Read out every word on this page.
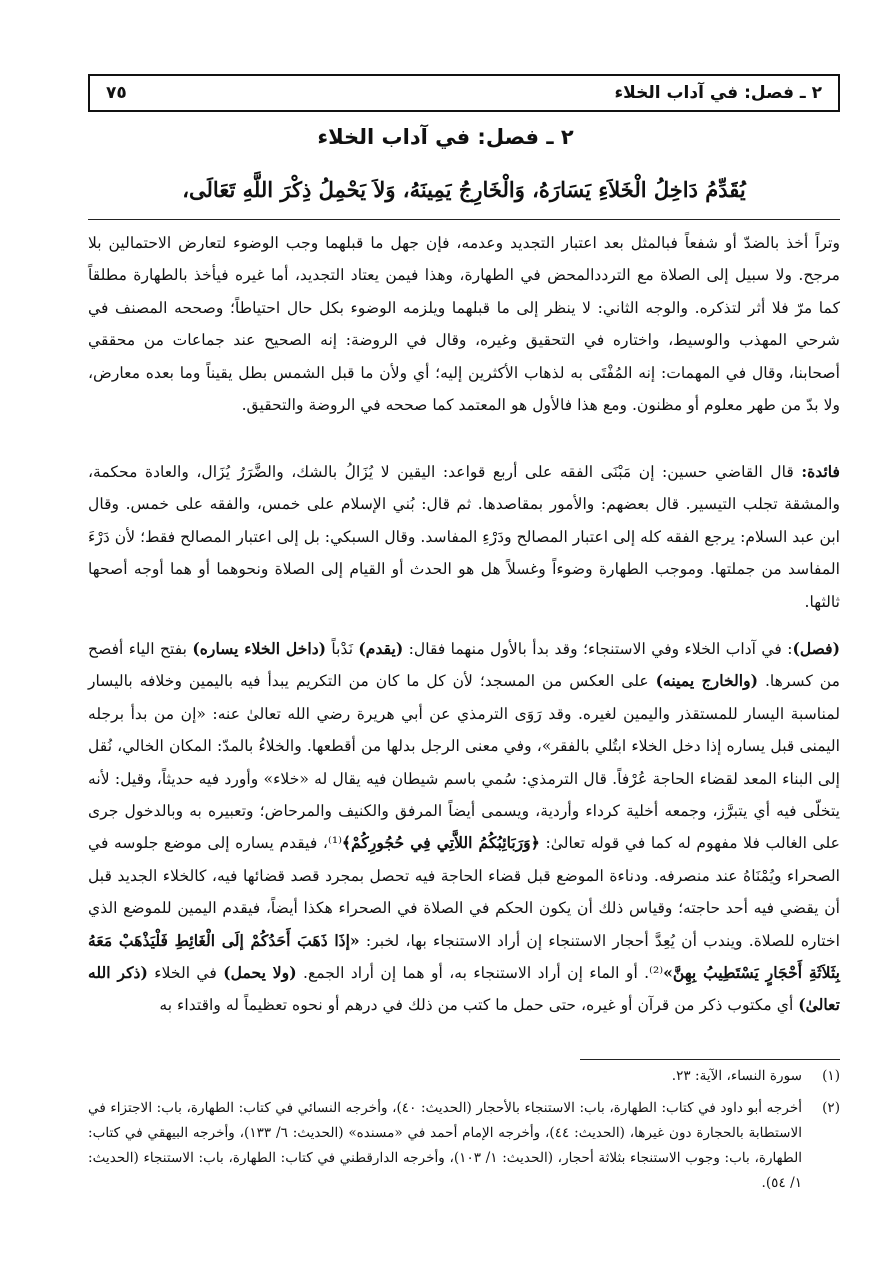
٢ ـ فصل: في آداب الخلاء
٧٥
٢ ـ فصل: في آداب الخلاء
يُقَدِّمُ دَاخِلُ الْخَلاَءِ يَسَارَهُ، وَالْخَارِجُ يَمِينَهُ، وَلاَ يَحْمِلُ ذِكْرَ اللَّهِ تَعَالَى،
وتراً أخذ بالضدّ أو شفعاً فبالمثل بعد اعتبار التجديد وعدمه، فإن جهل ما قبلهما وجب الوضوء لتعارض الاحتمالين بلا مرجح. ولا سبيل إلى الصلاة مع الترددالمحض في الطهارة، وهذا فيمن يعتاد التجديد، أما غيره فيأخذ بالطهارة مطلقاً كما مرّ فلا أثر لتذكره. والوجه الثاني: لا ينظر إلى ما قبلهما ويلزمه الوضوء بكل حال احتياطاً؛ وصححه المصنف في شرحي المهذب والوسيط، واختاره في التحقيق وغيره، وقال في الروضة: إنه الصحيح عند جماعات من محققي أصحابنا، وقال في المهمات: إنه المُفْتَى به لذهاب الأكثرين إليه؛ أي ولأن ما قبل الشمس بطل يقيناً وما بعده معارض، ولا بدّ من طهر معلوم أو مظنون. ومع هذا فالأول هو المعتمد كما صححه في الروضة والتحقيق.
فائدة: قال القاضي حسين: إن مَبْنَى الفقه على أربع قواعد: اليقين لا يُزَالُ بالشك، والضَّرَرُ يُزَال، والعادة محكمة، والمشقة تجلب التيسير. قال بعضهم: والأمور بمقاصدها. ثم قال: بُني الإسلام على خمس، والفقه على خمس. وقال ابن عبد السلام: يرجع الفقه كله إلى اعتبار المصالح ودَرْءِ المفاسد. وقال السبكي: بل إلى اعتبار المصالح فقط؛ لأن دَرْءَ المفاسد من جملتها. وموجب الطهارة وضوءاً وغسلاً هل هو الحدث أو القيام إلى الصلاة ونحوهما أو هما أوجه أصحها ثالثها.
(فصل): في آداب الخلاء وفي الاستنجاء؛ وقد بدأ بالأول منهما فقال: (يقدم) نَدْباً (داخل الخلاء يساره) بفتح الياء أفصح من كسرها. (والخارج يمينه) على العكس من المسجد؛ لأن كل ما كان من التكريم يبدأ فيه باليمين وخلافه باليسار لمناسبة اليسار للمستقذر واليمين لغيره. وقد رَوَى الترمذي عن أبي هريرة رضي الله تعالىٰ عنه: «إن من بدأ برجله اليمنى قبل يساره إذا دخل الخلاء ابتُلي بالفقر»، وفي معنى الرجل بدلها من أقطعها. والخلاءُ بالمدّ: المكان الخالي، نُقل إلى البناء المعد لقضاء الحاجة عُرْفاً. قال الترمذي: سُمي باسم شيطان فيه يقال له «خلاء» وأورد فيه حديثاً، وقيل: لأنه يتخلّى فيه أي يتبرَّز، وجمعه أخلية كرداء وأردية، ويسمى أيضاً المرفق والكنيف والمرحاض؛ وتعبيره به وبالدخول جرى على الغالب فلا مفهوم له كما في قوله تعالىٰ: ﴿وَرَبَائِبُكُمُ اللاَّتِي فِي حُجُورِكُمْ﴾⁽¹⁾، فيقدم يساره إلى موضع جلوسه في الصحراء ويُمْنَاهُ عند منصرفه. ودناءة الموضع قبل قضاء الحاجة فيه تحصل بمجرد قصد قضائها فيه، كالخلاء الجديد قبل أن يقضي فيه أحد حاجته؛ وقياس ذلك أن يكون الحكم في الصلاة في الصحراء هكذا أيضاً، فيقدم اليمين للموضع الذي اختاره للصلاة. ويندب أن يُعِدَّ أحجار الاستنجاء إن أراد الاستنجاء بها، لخبر: «إذَا ذَهَبَ أَحَدُكُمْ إلَى الْغَائِطِ فَلْيَذْهَبْ مَعَهُ بِثَلاَثَةِ أَحْجَارٍ يَسْتَطِيبُ بِهِنَّ»⁽²⁾. أو الماء إن أراد الاستنجاء به، أو هما إن أراد الجمع. (ولا يحمل) في الخلاء (ذكر الله تعالىٰ) أي مكتوب ذكر من قرآن أو غيره، حتى حمل ما كتب من ذلك في درهم أو نحوه تعظيماً له واقتداء به
(١)
سورة النساء، الآية: ٢٣.
(٢)
أخرجه أبو داود في كتاب: الطهارة، باب: الاستنجاء بالأحجار (الحديث: ٤٠)، وأخرجه النسائي في كتاب: الطهارة، باب: الاجتزاء في الاستطابة بالحجارة دون غيرها، (الحديث: ٤٤)، وأخرجه الإمام أحمد في «مسنده» (الحديث: ٦/ ١٣٣)، وأخرجه البيهقي في كتاب: الطهارة، باب: وجوب الاستنجاء بثلاثة أحجار، (الحديث: ١/ ١٠٣)، وأخرجه الدارقطني في كتاب: الطهارة، باب: الاستنجاء (الحديث: ١/ ٥٤).
